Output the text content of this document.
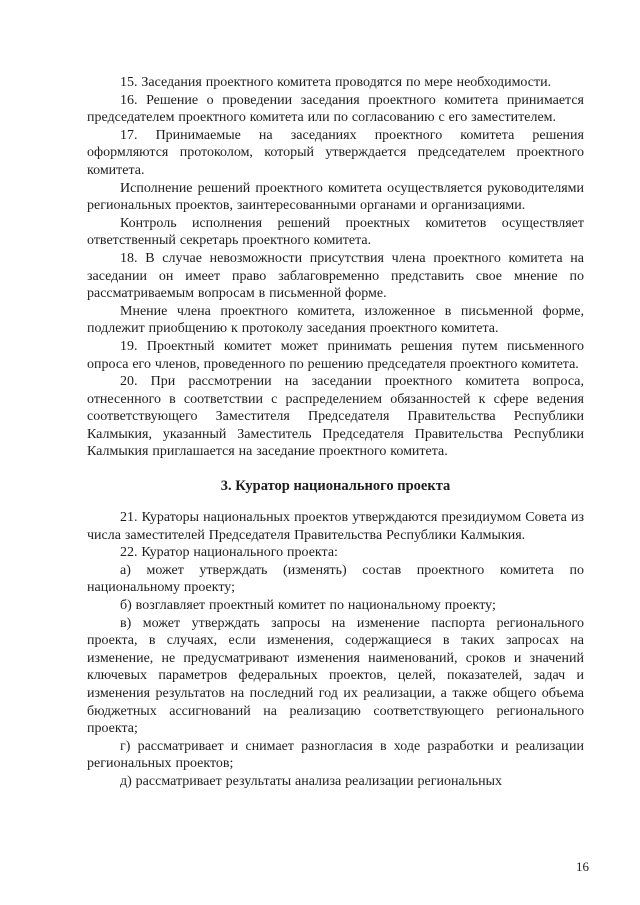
15. Заседания проектного комитета проводятся по мере необходимости.

16. Решение о проведении заседания проектного комитета принимается председателем проектного комитета или по согласованию с его заместителем.

17. Принимаемые на заседаниях проектного комитета решения оформляются протоколом, который утверждается председателем проектного комитета.

Исполнение решений проектного комитета осуществляется руководителями региональных проектов, заинтересованными органами и организациями.

Контроль исполнения решений проектных комитетов осуществляет ответственный секретарь проектного комитета.

18. В случае невозможности присутствия члена проектного комитета на заседании он имеет право заблаговременно представить свое мнение по рассматриваемым вопросам в письменной форме.

Мнение члена проектного комитета, изложенное в письменной форме, подлежит приобщению к протоколу заседания проектного комитета.

19. Проектный комитет может принимать решения путем письменного опроса его членов, проведенного по решению председателя проектного комитета.

20. При рассмотрении на заседании проектного комитета вопроса, отнесенного в соответствии с распределением обязанностей к сфере ведения соответствующего Заместителя Председателя Правительства Республики Калмыкия, указанный Заместитель Председателя Правительства Республики Калмыкия приглашается на заседание проектного комитета.

3. Куратор национального проекта

21. Кураторы национальных проектов утверждаются президиумом Совета из числа заместителей Председателя Правительства Республики Калмыкия.

22. Куратор национального проекта:

а) может утверждать (изменять) состав проектного комитета по национальному проекту;

б) возглавляет проектный комитет по национальному проекту;

в) может утверждать запросы на изменение паспорта регионального проекта, в случаях, если изменения, содержащиеся в таких запросах на изменение, не предусматривают изменения наименований, сроков и значений ключевых параметров федеральных проектов, целей, показателей, задач и изменения результатов на последний год их реализации, а также общего объема бюджетных ассигнований на реализацию соответствующего регионального проекта;

г) рассматривает и снимает разногласия в ходе разработки и реализации региональных проектов;

д) рассматривает результаты анализа реализации региональных

16
